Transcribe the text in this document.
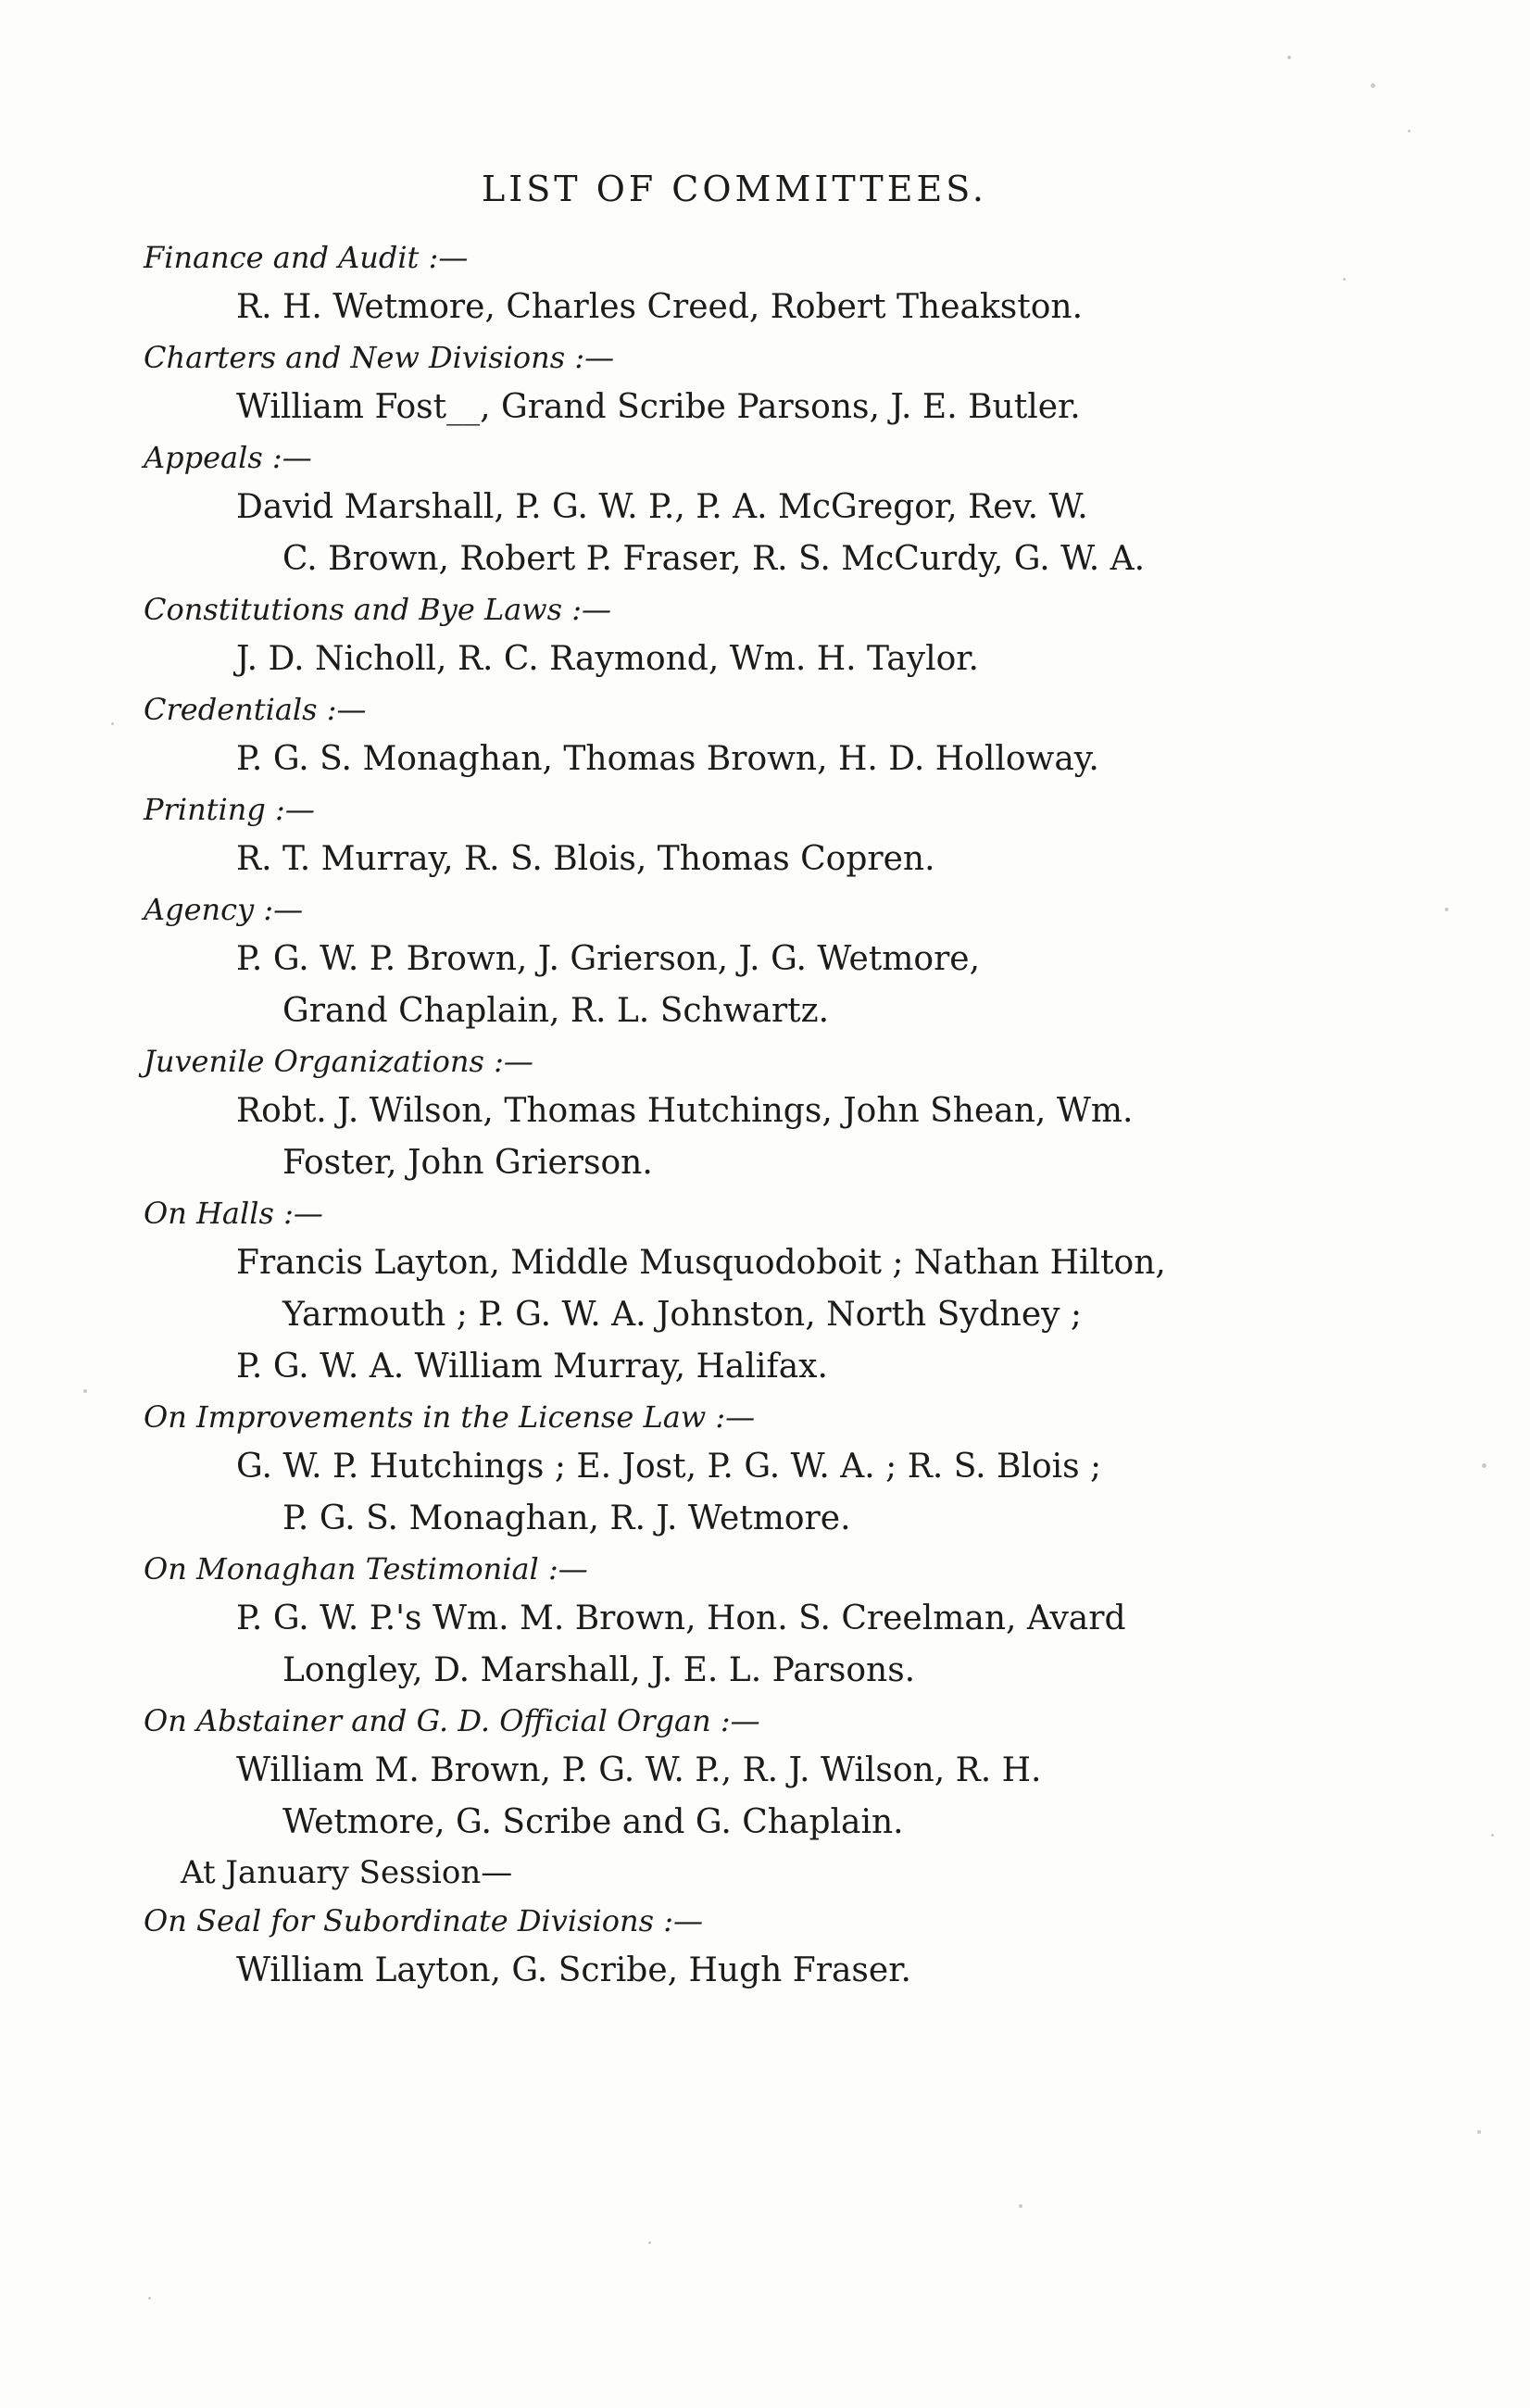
LIST OF COMMITTEES.
Finance and Audit :—
R. H. Wetmore, Charles Creed, Robert Theakston.
Charters and New Divisions :—
William Fost__, Grand Scribe Parsons, J. E. Butler.
Appeals :—
David Marshall, P. G. W. P., P. A. McGregor, Rev. W.
C. Brown, Robert P. Fraser, R. S. McCurdy, G. W. A.
Constitutions and Bye Laws :—
J. D. Nicholl, R. C. Raymond, Wm. H. Taylor.
Credentials :—
P. G. S. Monaghan, Thomas Brown, H. D. Holloway.
Printing :—
R. T. Murray, R. S. Blois, Thomas Copren.
Agency :—
P. G. W. P. Brown, J. Grierson, J. G. Wetmore,
Grand Chaplain, R. L. Schwartz.
Juvenile Organizations :—
Robt. J. Wilson, Thomas Hutchings, John Shean, Wm.
Foster, John Grierson.
On Halls :—
Francis Layton, Middle Musquodoboit ; Nathan Hilton,
Yarmouth ; P. G. W. A. Johnston, North Sydney ;
P. G. W. A. William Murray, Halifax.
On Improvements in the License Law :—
G. W. P. Hutchings ; E. Jost, P. G. W. A. ; R. S. Blois ;
P. G. S. Monaghan, R. J. Wetmore.
On Monaghan Testimonial :—
P. G. W. P.'s Wm. M. Brown, Hon. S. Creelman, Avard
Longley, D. Marshall, J. E. L. Parsons.
On Abstainer and G. D. Official Organ :—
William M. Brown, P. G. W. P., R. J. Wilson, R. H.
Wetmore, G. Scribe and G. Chaplain.
At January Session—
On Seal for Subordinate Divisions :—
William Layton, G. Scribe, Hugh Fraser.
